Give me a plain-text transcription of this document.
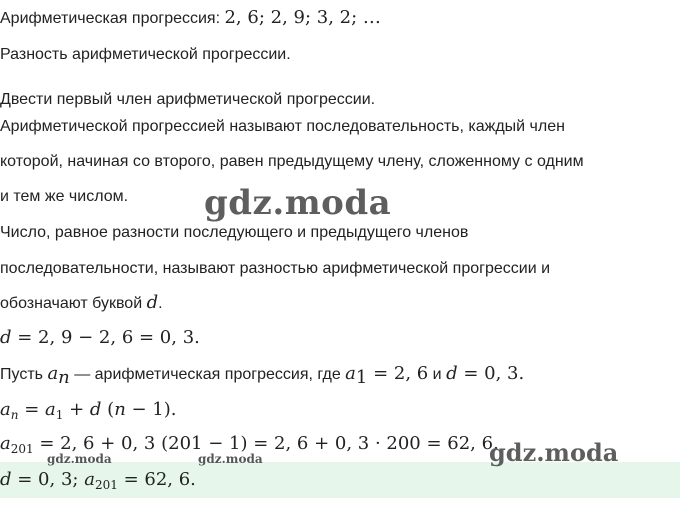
Арифметическая прогрессия: 2, 6; 2, 9; 3, 2; …
Разность арифметической прогрессии.
Двести первый член арифметической прогрессии.
Арифметической прогрессией называют последовательность, каждый член
которой, начиная со второго, равен предыдущему члену, сложенному с одним
и тем же числом.
Число, равное разности последующего и предыдущего членов
последовательности, называют разностью арифметической прогрессии и
обозначают буквой d.
d = 2, 9 − 2, 6 = 0, 3.
Пусть $a_n$ — арифметическая прогрессия, где $a_1 = 2$, 6 и d = 0, 3.
$a_n = a_1 + d$ (n − 1).
$a_{201} = 2$, 6 + 0, 3 (201 − 1) = 2, 6 + 0, 3 · 200 = 62, 6.
d = 0, 3; $a_{201} = 62$, 6.
gdz.moda
gdz.moda
gdz.moda	gdz.moda
